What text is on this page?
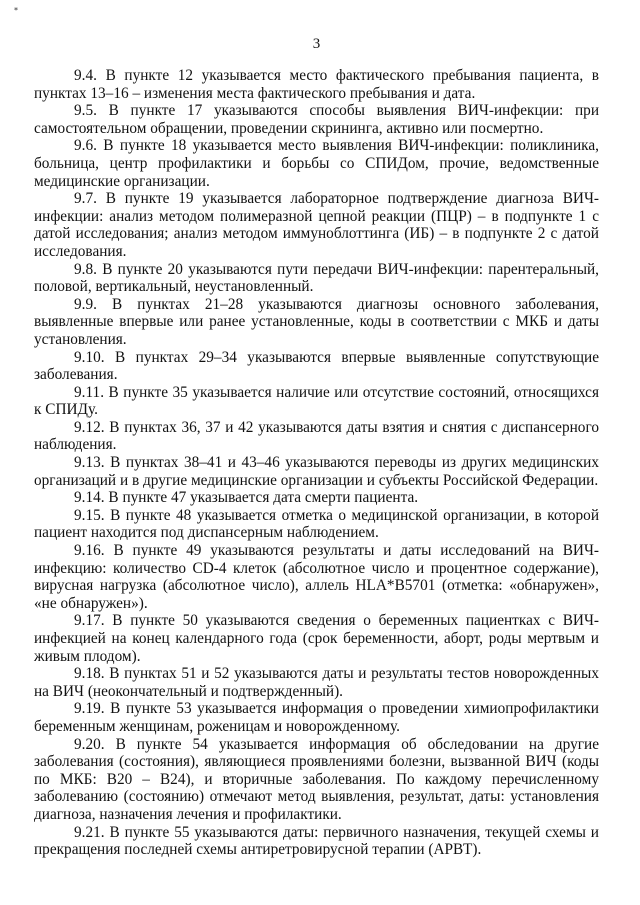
*
3

9.4. В пункте 12 указывается место фактического пребывания пациента, в пунктах 13–16 – изменения места фактического пребывания и дата.

9.5. В пункте 17 указываются способы выявления ВИЧ-инфекции: при самостоятельном обращении, проведении скрининга, активно или посмертно.

9.6. В пункте 18 указывается место выявления ВИЧ-инфекции: поликлиника, больница, центр профилактики и борьбы со СПИДом, прочие, ведомственные медицинские организации.

9.7. В пункте 19 указывается лабораторное подтверждение диагноза ВИЧ-инфекции: анализ методом полимеразной цепной реакции (ПЦР) – в подпункте 1 с датой исследования; анализ методом иммуноблоттинга (ИБ) – в подпункте 2 с датой исследования.

9.8. В пункте 20 указываются пути передачи ВИЧ-инфекции: парентеральный, половой, вертикальный, неустановленный.

9.9. В пунктах 21–28 указываются диагнозы основного заболевания, выявленные впервые или ранее установленные, коды в соответствии с МКБ и даты установления.

9.10. В пунктах 29–34 указываются впервые выявленные сопутствующие заболевания.

9.11. В пункте 35 указывается наличие или отсутствие состояний, относящихся к СПИДу.

9.12. В пунктах 36, 37 и 42 указываются даты взятия и снятия с диспансерного наблюдения.

9.13. В пунктах 38–41 и 43–46 указываются переводы из других медицинских организаций и в другие медицинские организации и субъекты Российской Федерации.

9.14. В пункте 47 указывается дата смерти пациента.

9.15. В пункте 48 указывается отметка о медицинской организации, в которой пациент находится под диспансерным наблюдением.

9.16. В пункте 49 указываются результаты и даты исследований на ВИЧ-инфекцию: количество CD-4 клеток (абсолютное число и процентное содержание), вирусная нагрузка (абсолютное число), аллель HLA*B5701 (отметка: «обнаружен», «не обнаружен»).

9.17. В пункте 50 указываются сведения о беременных пациентках с ВИЧ-инфекцией на конец календарного года (срок беременности, аборт, роды мертвым и живым плодом).

9.18. В пунктах 51 и 52 указываются даты и результаты тестов новорожденных на ВИЧ (неокончательный и подтвержденный).

9.19. В пункте 53 указывается информация о проведении химиопрофилактики беременным женщинам, роженицам и новорожденному.

9.20. В пункте 54 указывается информация об обследовании на другие заболевания (состояния), являющиеся проявлениями болезни, вызванной ВИЧ (коды по МКБ: B20 – B24), и вторичные заболевания. По каждому перечисленному заболеванию (состоянию) отмечают метод выявления, результат, даты: установления диагноза, назначения лечения и профилактики.

9.21. В пункте 55 указываются даты: первичного назначения, текущей схемы и прекращения последней схемы антиретровирусной терапии (АРВТ).
